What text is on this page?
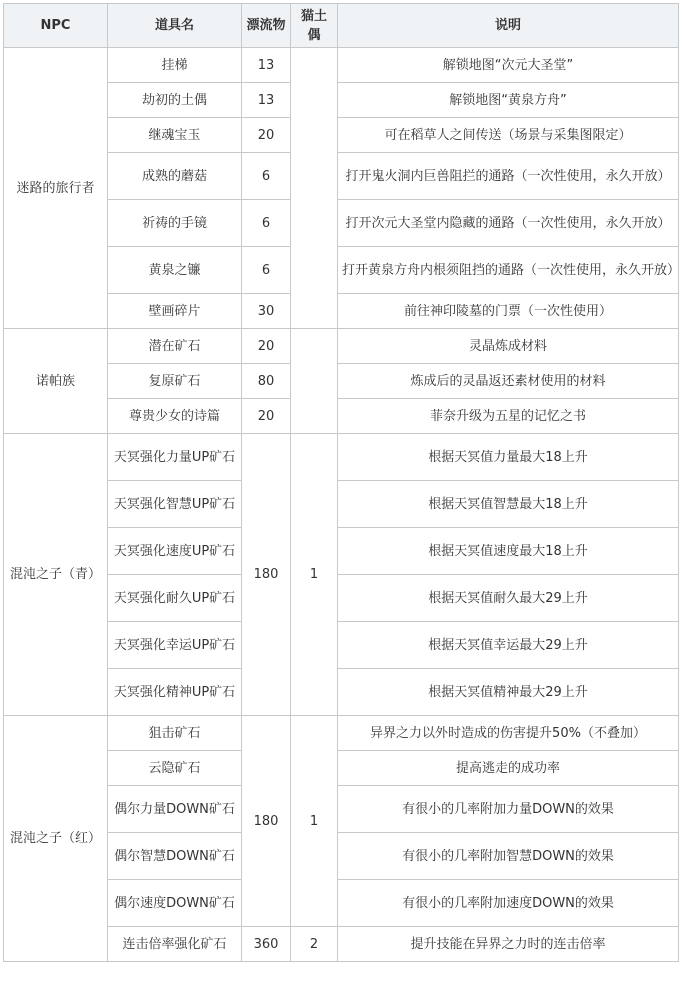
NPC	道具名	漂流物	猫土偶	说明
迷路的旅行者	挂梯	13		解锁地图“次元大圣堂”
	劫初的土偶	13		解锁地图“黄泉方舟”
	继魂宝玉	20		可在稻草人之间传送（场景与采集图限定）
	成熟的蘑菇	6		打开鬼火洞内巨兽阻拦的通路（一次性使用，永久开放）
	祈祷的手镜	6		打开次元大圣堂内隐藏的通路（一次性使用，永久开放）
	黄泉之镰	6		打开黄泉方舟内根须阻挡的通路（一次性使用，永久开放）
	壁画碎片	30		前往神印陵墓的门票（一次性使用）
诺帕族	潜在矿石	20		灵晶炼成材料
	复原矿石	80		炼成后的灵晶返还素材使用的材料
	尊贵少女的诗篇	20		菲奈升级为五星的记忆之书
混沌之子（青）	天冥强化力量UP矿石	180	1	根据天冥值力量最大18上升
	天冥强化智慧UP矿石			根据天冥值智慧最大18上升
	天冥强化速度UP矿石			根据天冥值速度最大18上升
	天冥强化耐久UP矿石			根据天冥值耐久最大29上升
	天冥强化幸运UP矿石			根据天冥值幸运最大29上升
	天冥强化精神UP矿石			根据天冥值精神最大29上升
混沌之子（红）	狙击矿石	180	1	异界之力以外时造成的伤害提升50%（不叠加）
	云隐矿石			提高逃走的成功率
	偶尔力量DOWN矿石			有很小的几率附加力量DOWN的效果
	偶尔智慧DOWN矿石			有很小的几率附加智慧DOWN的效果
	偶尔速度DOWN矿石			有很小的几率附加速度DOWN的效果
	连击倍率强化矿石	360	2	提升技能在异界之力时的连击倍率
